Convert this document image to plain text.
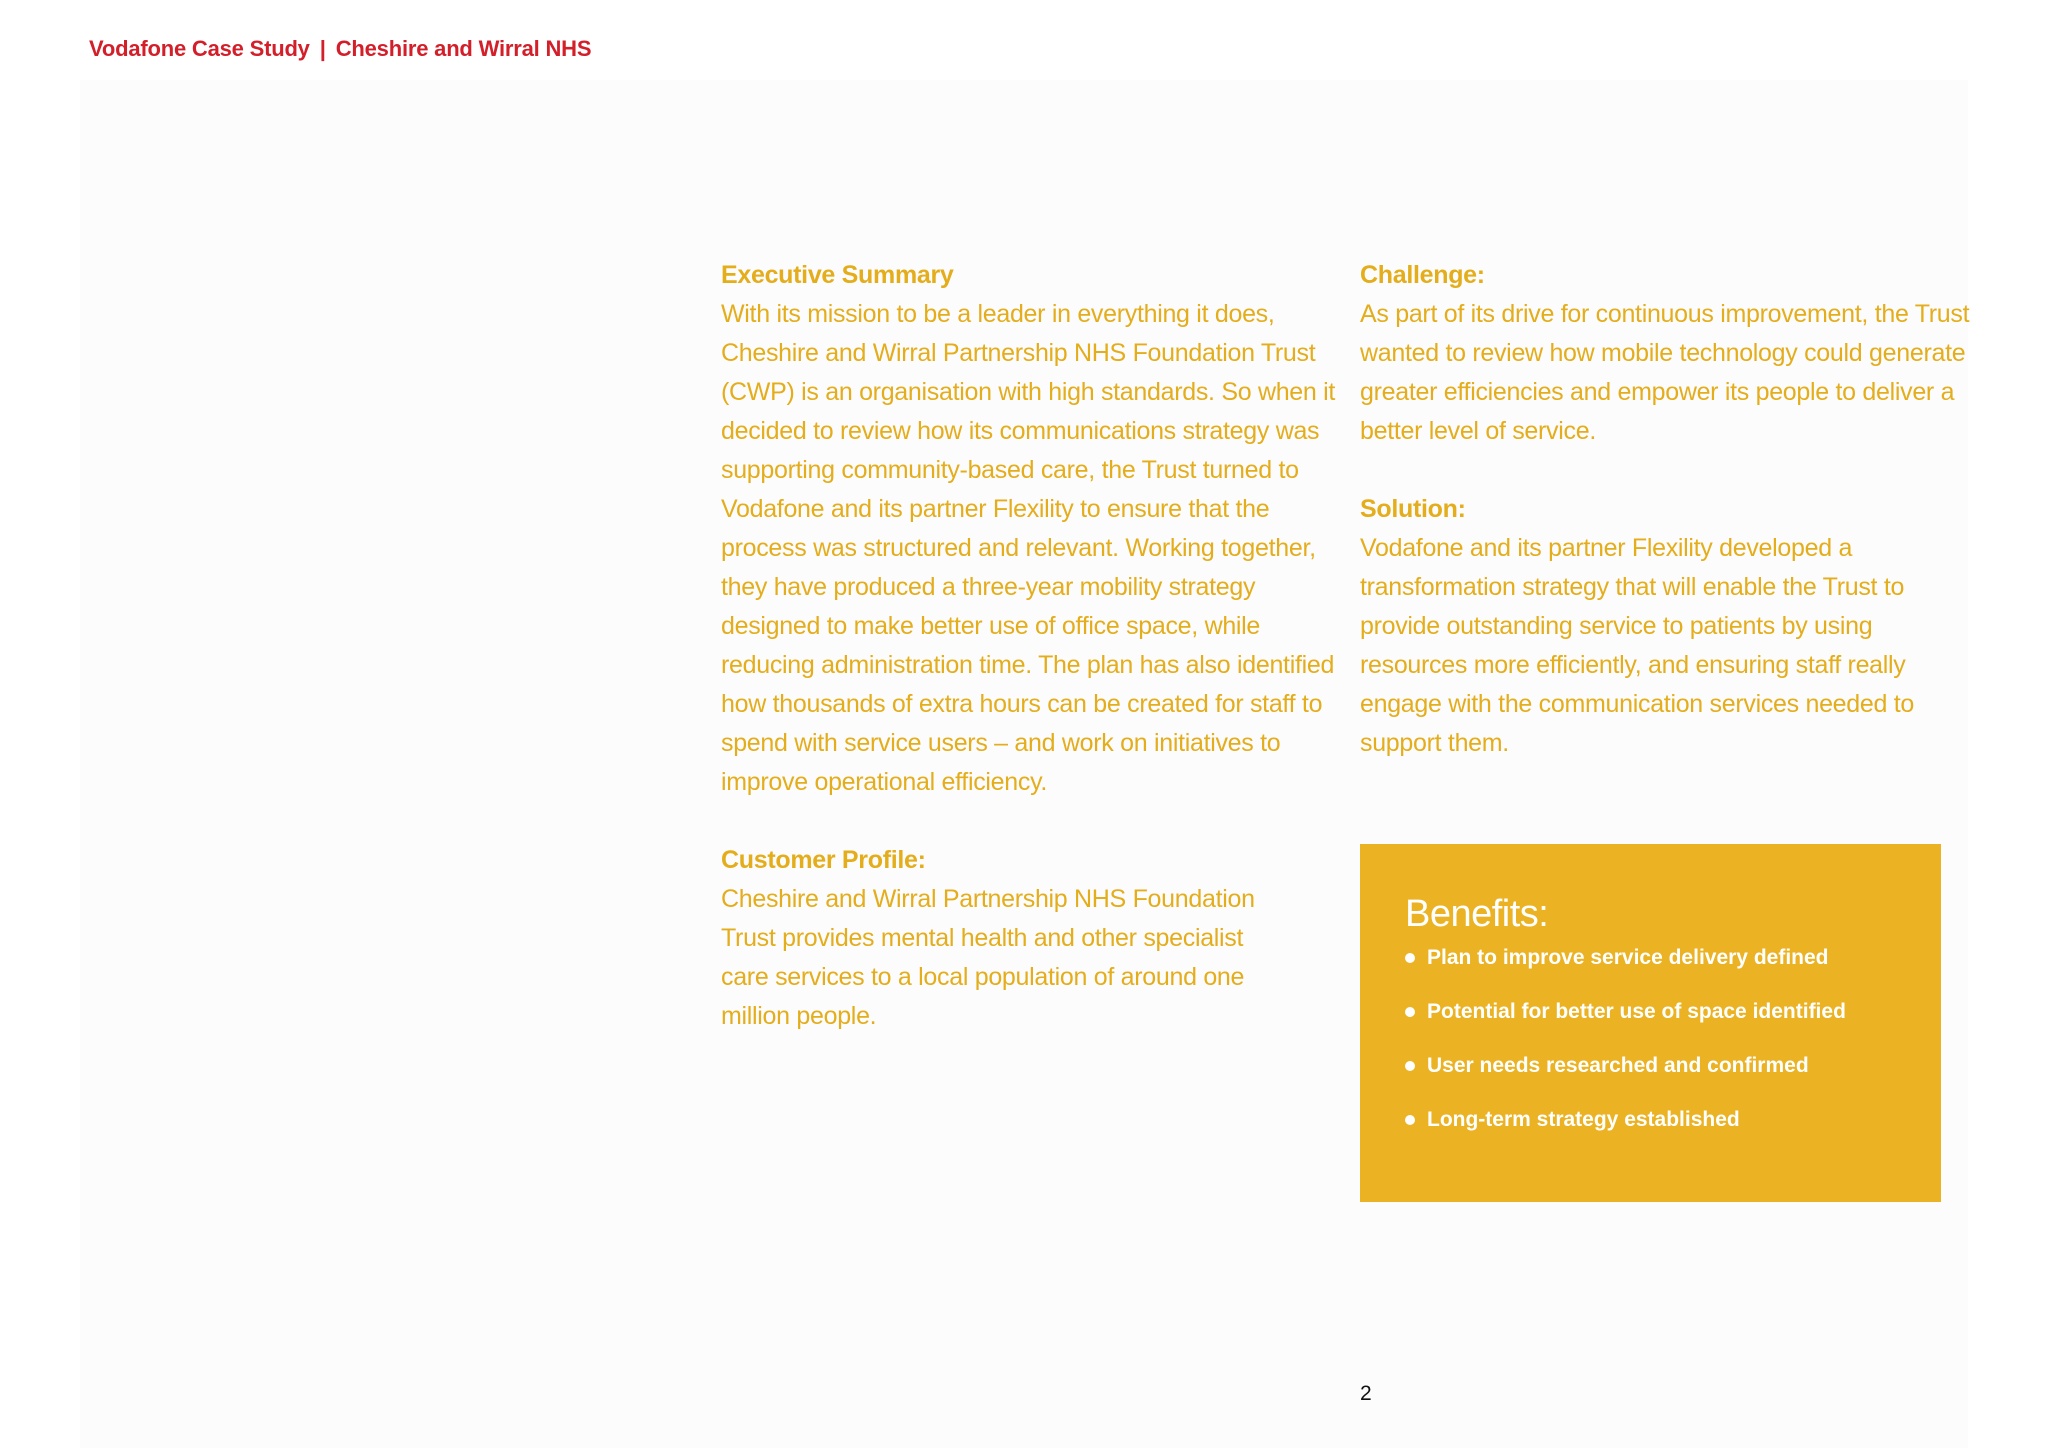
Vodafone Case Study | Cheshire and Wirral NHS

Executive Summary

With its mission to be a leader in everything it does, Cheshire and Wirral Partnership NHS Foundation Trust (CWP) is an organisation with high standards. So when it decided to review how its communications strategy was supporting community-based care, the Trust turned to Vodafone and its partner Flexility to ensure that the process was structured and relevant. Working together, they have produced a three-year mobility strategy designed to make better use of office space, while reducing administration time. The plan has also identified how thousands of extra hours can be created for staff to spend with service users – and work on initiatives to improve operational efficiency.

Customer Profile:

Cheshire and Wirral Partnership NHS Foundation Trust provides mental health and other specialist care services to a local population of around one million people.

Challenge:

As part of its drive for continuous improvement, the Trust wanted to review how mobile technology could generate greater efficiencies and empower its people to deliver a better level of service.

Solution:

Vodafone and its partner Flexility developed a transformation strategy that will enable the Trust to provide outstanding service to patients by using resources more efficiently, and ensuring staff really engage with the communication services needed to support them.

Benefits:
Plan to improve service delivery defined
Potential for better use of space identified
User needs researched and confirmed
Long-term strategy established
2
